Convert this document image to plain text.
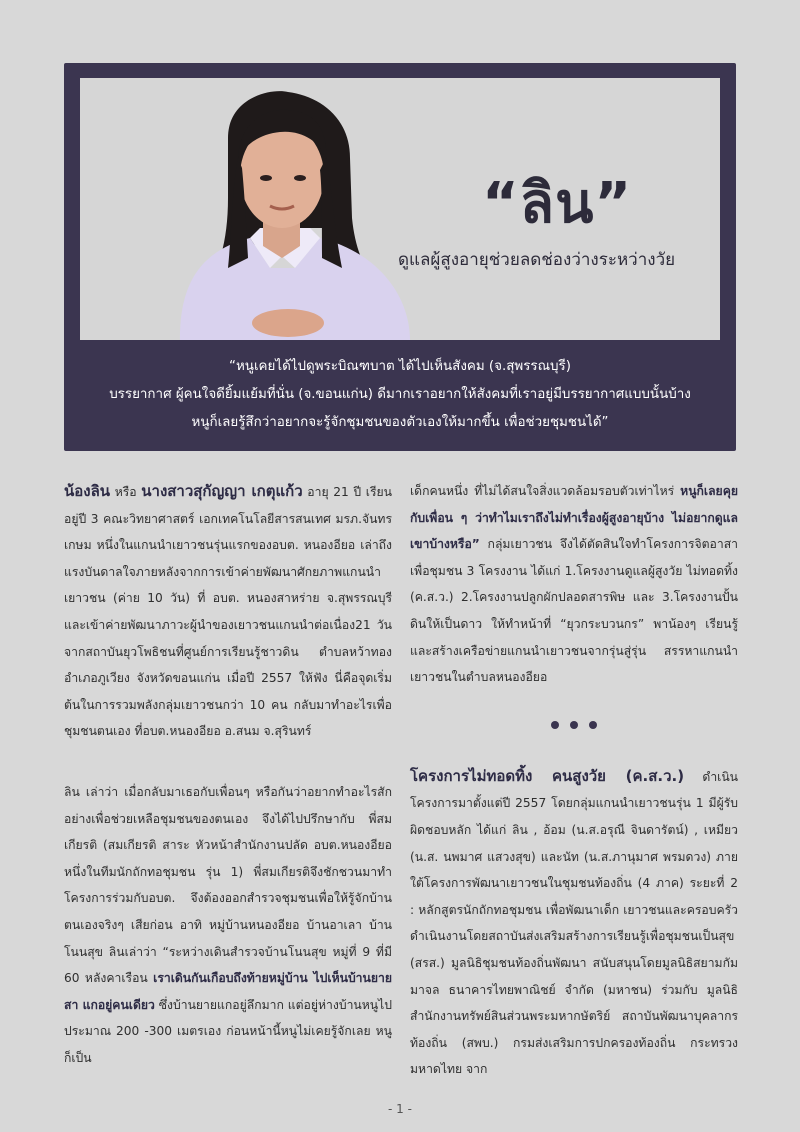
“ลิน”
ดูแลผู้สูงอายุช่วยลดช่องว่างระหว่างวัย
“หนูเคยได้ไปดูพระบิณฑบาต ได้ไปเห็นสังคม (จ.สุพรรณบุรี)
บรรยากาศ ผู้คนใจดียิ้มแย้มที่นั่น (จ.ขอนแก่น) ดีมากเราอยากให้สังคมที่เราอยู่มีบรรยากาศแบบนั้นบ้าง
หนูก็เลยรู้สึกว่าอยากจะรู้จักชุมชนของตัวเองให้มากขึ้น เพื่อช่วยชุมชนได้”

น้องลิน หรือ นางสาวสุกัญญา เกตุแก้ว อายุ 21 ปี เรียนอยู่ปี 3 คณะวิทยาศาสตร์ เอกเทคโนโลยีสารสนเทศ มรภ.จันทรเกษม หนึ่งในแกนนำเยาวชนรุ่นแรกของอบต. หนองอียอ เล่าถึงแรงบันดาลใจภายหลังจากการเข้าค่ายพัฒนาศักยภาพแกนนำเยาวชน (ค่าย 10 วัน) ที่ อบต. หนองสาหร่าย จ.สุพรรณบุรี และเข้าค่ายพัฒนาภาวะผู้นำของเยาวชนแกนนำต่อเนื่อง21 วัน จากสถาบันยุวโพธิชนที่ศูนย์การเรียนรู้ชาวดิน ตำบลหว้าทอง อำเภอภูเวียง จังหวัดขอนแก่น เมื่อปี 2557 ให้ฟัง นี่คือจุดเริ่มต้นในการรวมพลังกลุ่มเยาวชนกว่า 10 คน กลับมาทำอะไรเพื่อชุมชนตนเอง ที่อบต.หนองอียอ อ.สนม จ.สุรินทร์

ลิน เล่าว่า เมื่อกลับมาเธอกับเพื่อนๆ หรือกันว่าอยากทำอะไรสักอย่างเพื่อช่วยเหลือชุมชนของตนเอง จึงได้ไปปรึกษากับ พี่สมเกียรติ (สมเกียรติ สาระ หัวหน้าสำนักงานปลัด อบต.หนองอียอ หนึ่งในทีมนักถักทอชุมชน รุ่น 1) พี่สมเกียรติจึงชักชวนมาทำโครงการร่วมกับอบต. จึงต้องออกสำรวจชุมชนเพื่อให้รู้จักบ้านตนเองจริงๆ เสียก่อน อาทิ หมู่บ้านหนองอียอ บ้านอาเลา บ้านโนนสุข ลินเล่าว่า “ระหว่างเดินสำรวจบ้านโนนสุข หมู่ที่ 9 ที่มี 60 หลังคาเรือน เราเดินกันเกือบถึงท้ายหมู่บ้าน ไปเห็นบ้านยายสา แกอยู่คนเดียว ซึ่งบ้านยายแกอยู่ลึกมาก แต่อยู่ห่างบ้านหนูไปประมาณ 200 -300 เมตรเอง ก่อนหน้านี้หนูไม่เคยรู้จักเลย หนูก็เป็น

เด็กคนหนึ่ง ที่ไม่ได้สนใจสิ่งแวดล้อมรอบตัวเท่าไหร่ หนูก็เลยคุยกับเพื่อน ๆ ว่าทำไมเราถึงไม่ทำเรื่องผู้สูงอายุบ้าง ไม่อยากดูแลเขาบ้างหรือ” กลุ่มเยาวชน จึงได้ตัดสินใจทำโครงการจิตอาสาเพื่อชุมชน 3 โครงงาน ได้แก่ 1.โครงงานดูแลผู้สูงวัย ไม่ทอดทิ้ง (ค.ส.ว.) 2.โครงงานปลูกผักปลอดสารพิษ และ 3.โครงงานปั้นดินให้เป็นดาว ให้ทำหน้าที่ “ยุวกระบวนกร” พาน้องๆ เรียนรู้และสร้างเครือข่ายแกนนำเยาวชนจากรุ่นสู่รุ่น สรรหาแกนนำเยาวชนในตำบลหนองอียอ

โครงการไม่ทอดทิ้ง คนสูงวัย (ค.ส.ว.) ดำเนินโครงการมาตั้งแต่ปี 2557 โดยกลุ่มแกนนำเยาวชนรุ่น 1 มีผู้รับผิดชอบหลัก ได้แก่ ลิน , อ้อม (น.ส.อรุณี จินดารัตน์) , เหมียว (น.ส. นพมาศ แสวงสุข) และนัท (น.ส.ภานุมาศ พรมดวง) ภายใต้โครงการพัฒนาเยาวชนในชุมชนท้องถิ่น (4 ภาค) ระยะที่ 2 : หลักสูตรนักถักทอชุมชน เพื่อพัฒนาเด็ก เยาวชนและครอบครัว ดำเนินงานโดยสถาบันส่งเสริมสร้างการเรียนรู้เพื่อชุมชนเป็นสุข (สรส.) มูลนิธิชุมชนท้องถิ่นพัฒนา สนับสนุนโดยมูลนิธิสยามกัมมาจล ธนาคารไทยพาณิชย์ จำกัด (มหาชน) ร่วมกับ มูลนิธิสำนักงานทรัพย์สินส่วนพระมหากษัตริย์ สถาบันพัฒนาบุคลากรท้องถิ่น (สพบ.) กรมส่งเสริมการปกครองท้องถิ่น กระทรวงมหาดไทย จาก

- 1 -
